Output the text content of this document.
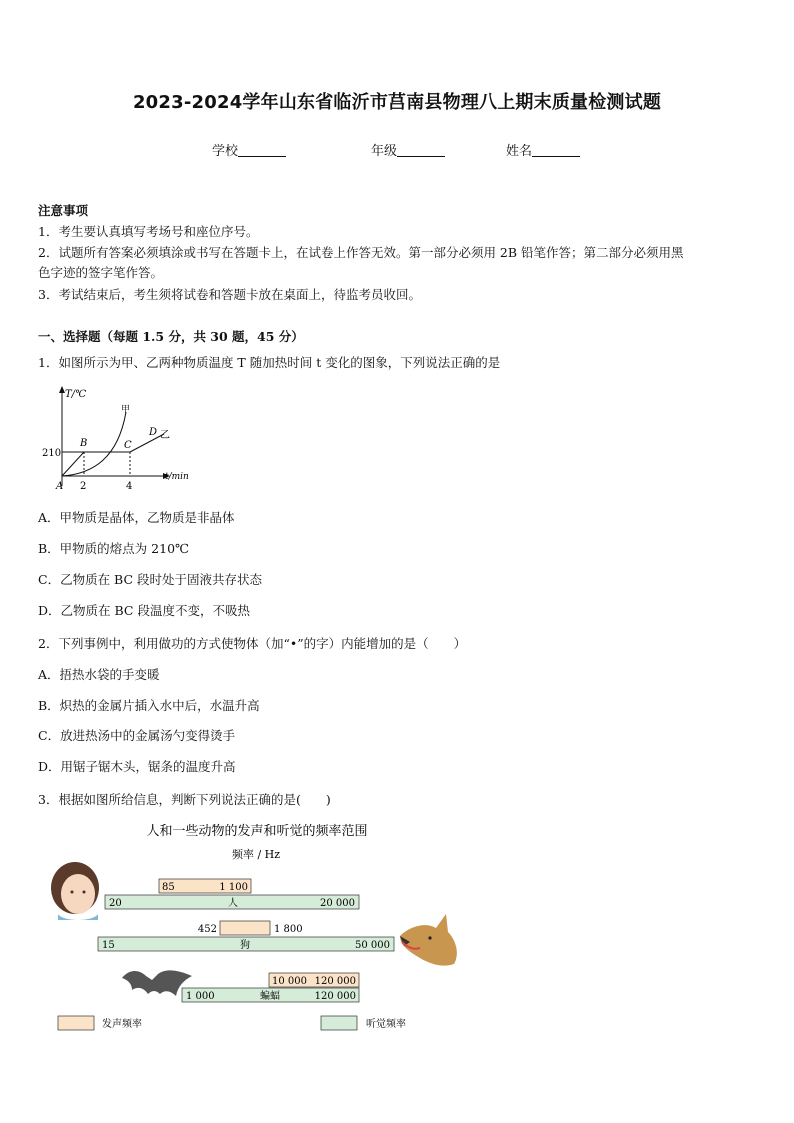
2023-2024学年山东省临沂市莒南县物理八上期末质量检测试题
学校	年级	姓名
注意事项
1．考生要认真填写考场号和座位序号。
2．试题所有答案必须填涂或书写在答题卡上，在试卷上作答无效。第一部分必须用 2B 铅笔作答；第二部分必须用黑
色字迹的签字笔作答。
3．考试结束后，考生须将试卷和答题卡放在桌面上，待监考员收回。
一、选择题（每题 1.5 分，共 30 题，45 分）
1．如图所示为甲、乙两种物质温度 T 随加热时间 t 变化的图象，下列说法正确的是
T/℃
t/min
210
A
B	C
D
甲
乙
2	4
A．甲物质是晶体，乙物质是非晶体
B．甲物质的熔点为 210℃
C．乙物质在 BC 段时处于固液共存状态
D．乙物质在 BC 段温度不变，不吸热
2．下列事例中，利用做功的方式使物体（加“•”的字）内能增加的是（　　）
A．捂热水袋的手变暖
B．炽热的金属片插入水中后，水温升高
C．放进热汤中的金属汤勺变得烫手
D．用锯子锯木头，锯条的温度升高
3．根据如图所给信息，判断下列说法正确的是(　　)
人和一些动物的发声和听觉的频率范围
频率 / Hz
85	1 100
20	人	20 000
452	1 800
15	狗	50 000
10 000 120 000
1 000	蝙蝠	120 000
发声频率	听觉频率
